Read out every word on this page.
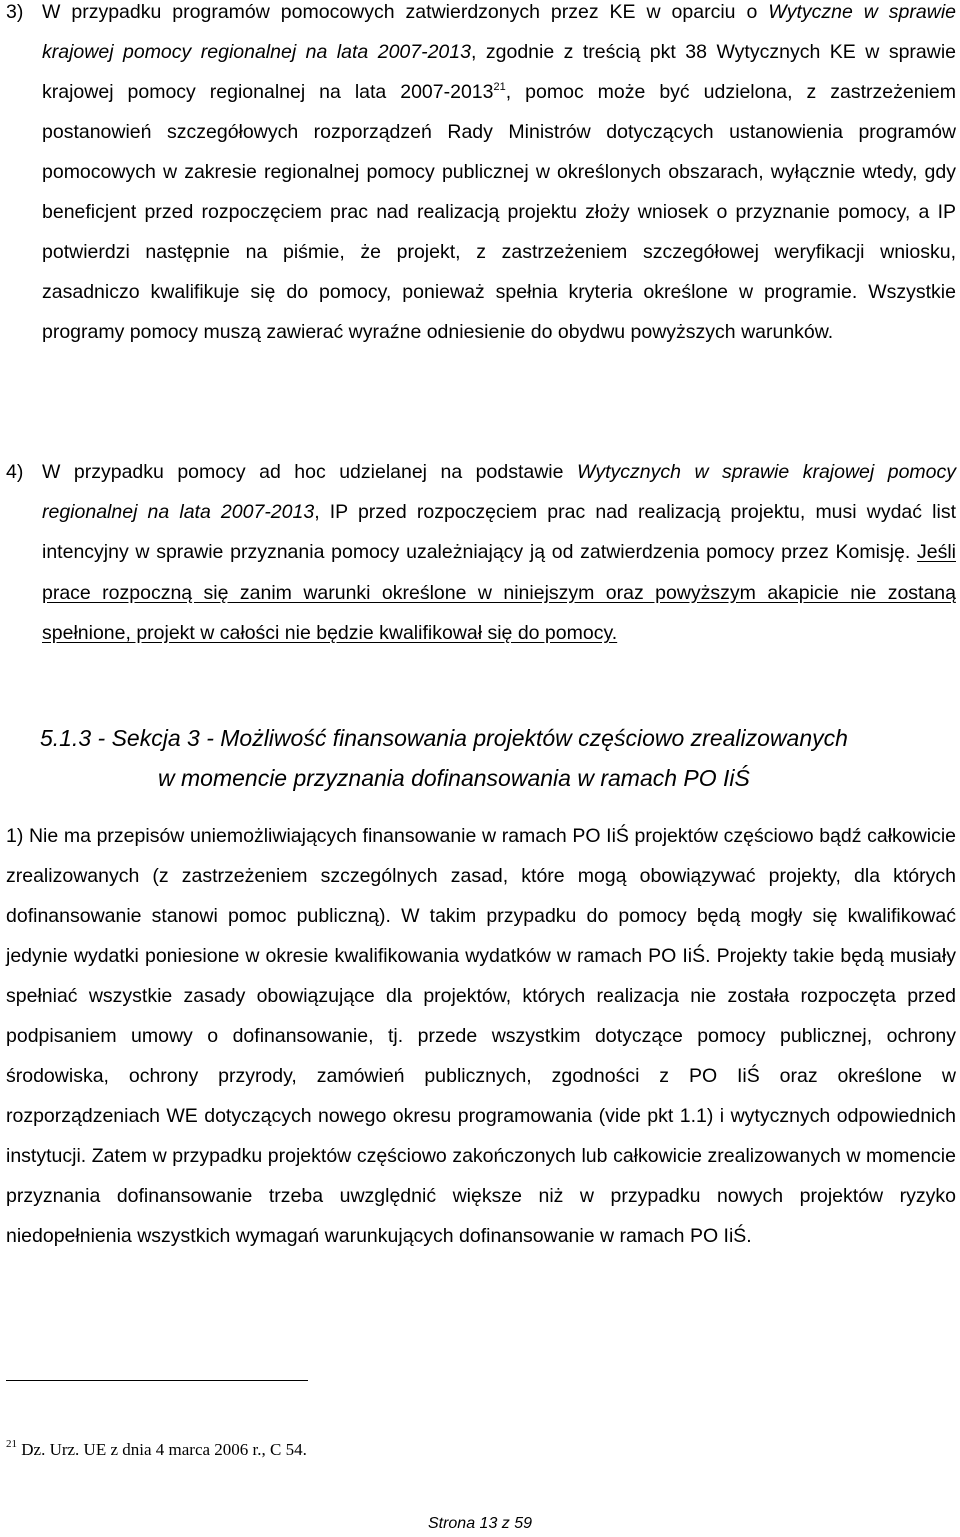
3) W przypadku programów pomocowych zatwierdzonych przez KE w oparciu o Wytyczne w sprawie krajowej pomocy regionalnej na lata 2007-2013, zgodnie z treścią pkt 38 Wytycznych KE w sprawie krajowej pomocy regionalnej na lata 2007-2013$^{21}$, pomoc może być udzielona, z zastrzeżeniem postanowień szczegółowych rozporządzeń Rady Ministrów dotyczących ustanowienia programów pomocowych w zakresie regionalnej pomocy publicznej w określonych obszarach, wyłącznie wtedy, gdy beneficjent przed rozpoczęciem prac nad realizacją projektu złoży wniosek o przyznanie pomocy, a IP potwierdzi następnie na piśmie, że projekt, z zastrzeżeniem szczegółowej weryfikacji wniosku, zasadniczo kwalifikuje się do pomocy, ponieważ spełnia kryteria określone w programie. Wszystkie programy pomocy muszą zawierać wyraźne odniesienie do obydwu powyższych warunków.
4) W przypadku pomocy ad hoc udzielanej na podstawie Wytycznych w sprawie krajowej pomocy regionalnej na lata 2007-2013, IP przed rozpoczęciem prac nad realizacją projektu, musi wydać list intencyjny w sprawie przyznania pomocy uzależniający ją od zatwierdzenia pomocy przez Komisję. Jeśli prace rozpoczną się zanim warunki określone w niniejszym oraz powyższym akapicie nie zostaną spełnione, projekt w całości nie będzie kwalifikował się do pomocy.
5.1.3 - Sekcja 3 - Możliwość finansowania projektów częściowo zrealizowanych
w momencie przyznania dofinansowania w ramach PO IiŚ
1) Nie ma przepisów uniemożliwiających finansowanie w ramach PO IiŚ projektów częściowo bądź całkowicie zrealizowanych (z zastrzeżeniem szczególnych zasad, które mogą obowiązywać projekty, dla których dofinansowanie stanowi pomoc publiczną). W takim przypadku do pomocy będą mogły się kwalifikować jedynie wydatki poniesione w okresie kwalifikowania wydatków w ramach PO IiŚ. Projekty takie będą musiały spełniać wszystkie zasady obowiązujące dla projektów, których realizacja nie została rozpoczęta przed podpisaniem umowy o dofinansowanie, tj. przede wszystkim dotyczące pomocy publicznej, ochrony środowiska, ochrony przyrody, zamówień publicznych, zgodności z PO IiŚ oraz określone w rozporządzeniach WE dotyczących nowego okresu programowania (vide pkt 1.1) i wytycznych odpowiednich instytucji. Zatem w przypadku projektów częściowo zakończonych lub całkowicie zrealizowanych w momencie przyznania dofinansowanie trzeba uwzględnić większe niż w przypadku nowych projektów ryzyko niedopełnienia wszystkich wymagań warunkujących dofinansowanie w ramach PO IiŚ.
$^{21}$ Dz. Urz. UE z dnia 4 marca 2006 r., C 54.
Strona 13 z 59
